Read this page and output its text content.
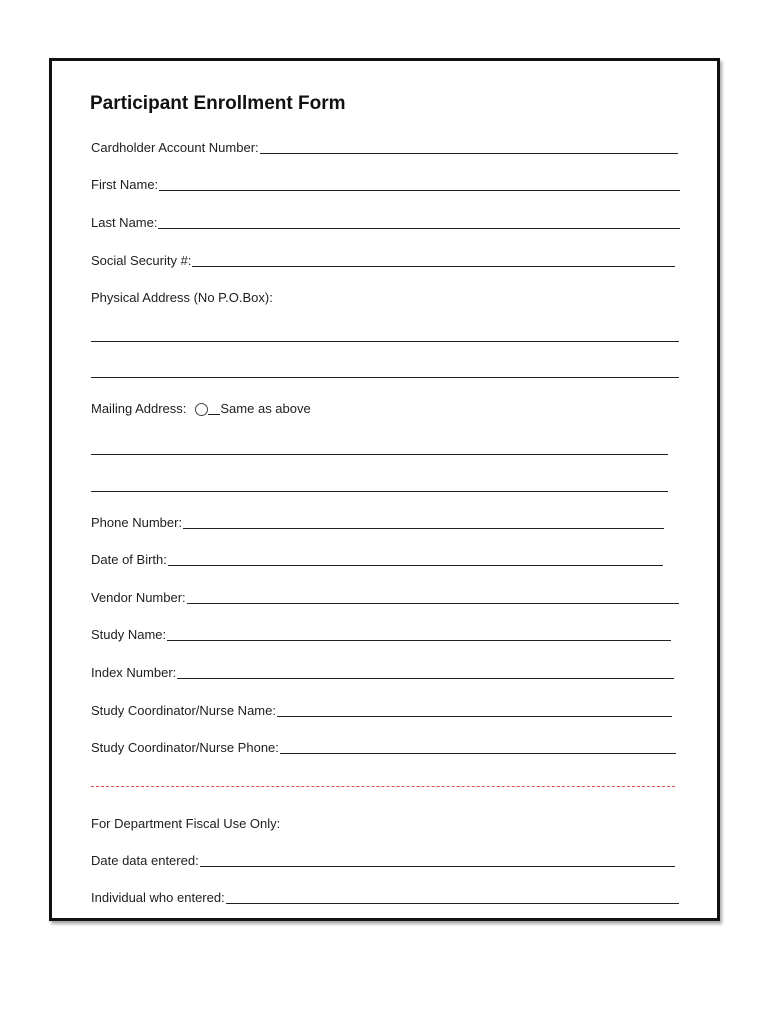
Participant Enrollment Form
Cardholder Account Number:
First Name:
Last Name:
Social Security #:
Physical Address (No P.O.Box):
Mailing Address:	Same as above
Phone Number:
Date of Birth:
Vendor Number:
Study Name:
Index Number:
Study Coordinator/Nurse Name:
Study Coordinator/Nurse Phone:
For Department Fiscal Use Only:
Date data entered:
Individual who entered:
